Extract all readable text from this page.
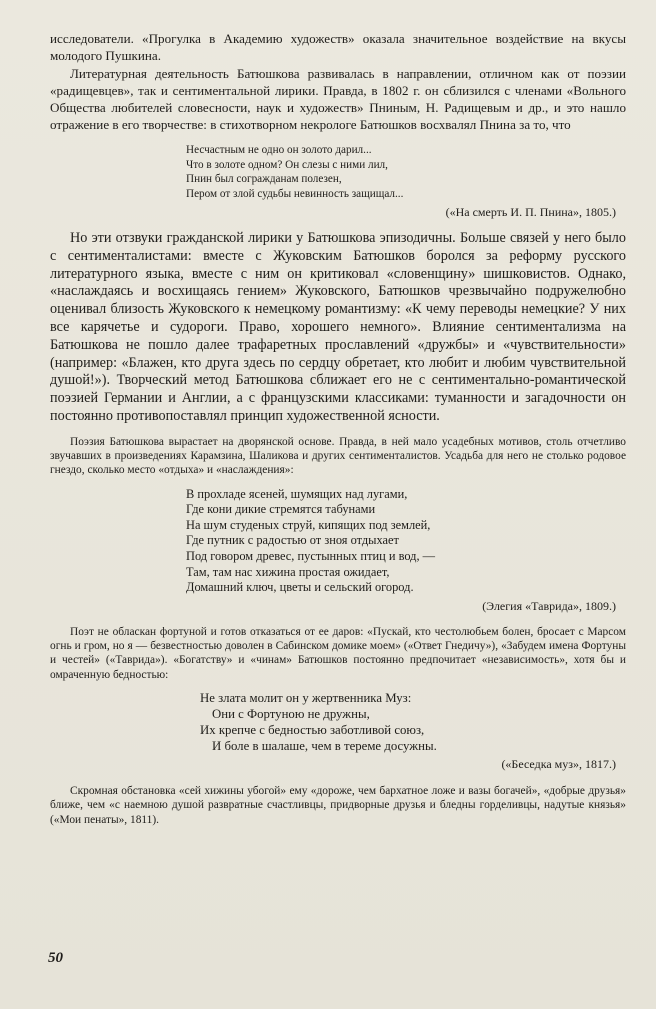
исследователи. «Прогулка в Академию художеств» оказала значительное воздействие на вкусы молодого Пушкина.

Литературная деятельность Батюшкова развивалась в направлении, отличном как от поэзии «радищевцев», так и сентиментальной лирики. Правда, в 1802 г. он сблизился с членами «Вольного Общества любителей словесности, наук и художеств» Пниным, Н. Радищевым и др., и это нашло отражение в его творчестве: в стихотворном некрологе Батюшков восхвалял Пнина за то, что

Несчастным не одно он золото дарил...
Что в золоте одном? Он слезы с ними лил,
Пнин был согражданам полезен,
Пером от злой судьбы невинность защищал...
(«На смерть И. П. Пнина», 1805.)

Но эти отзвуки гражданской лирики у Батюшкова эпизодичны. Больше связей у него было с сентименталистами: вместе с Жуковским Батюшков боролся за реформу русского литературного языка, вместе с ним он критиковал «словенщину» шишковистов. Однако, «наслаждаясь и восхищаясь гением» Жуковского, Батюшков чрезвычайно подружелюбно оценивал близость Жуковского к немецкому романтизму: «К чему переводы немецкие? У них все карячетье и судороги. Право, хорошего немного». Влияние сентиментализма на Батюшкова не пошло далее трафаретных прославлений «дружбы» и «чувствительности» (например: «Блажен, кто друга здесь по сердцу обретает, кто любит и любим чувствительной душой!»). Творческий метод Батюшкова сближает его не с сентиментально-романтической поэзией Германии и Англии, а с французскими классиками: туманности и загадочности он постоянно противопоставлял принцип художественной ясности.

Поэзия Батюшкова вырастает на дворянской основе. Правда, в ней мало усадебных мотивов, столь отчетливо звучавших в произведениях Карамзина, Шаликова и других сентименталистов. Усадьба для него не столько родовое гнездо, сколько место «отдыха» и «наслаждения»:

В прохладе ясеней, шумящих над лугами,
Где кони дикие стремятся табунами
На шум студеных струй, кипящих под землей,
Где путник с радостью от зноя отдыхает
Под говором древес, пустынных птиц и вод, —
Там, там нас хижина простая ожидает,
Домашний ключ, цветы и сельский огород.
(Элегия «Таврида», 1809.)

Поэт не обласкан фортуной и готов отказаться от ее даров: «Пускай, кто честолюбьем болен, бросает с Марсом огнь и гром, но я — безвестностью доволен в Сабинском домике моем» («Ответ Гнедичу»), «Забудем имена Фортуны и честей» («Таврида»). «Богатству» и «чинам» Батюшков постоянно предпочитает «независимость», хотя бы и омраченную бедностью:

Не злата молит он у жертвенника Муз:
Они с Фортуною не дружны,
Их крепче с бедностью заботливой союз,
И боле в шалаше, чем в тереме досужны.
(«Беседка муз», 1817.)

Скромная обстановка «сей хижины убогой» ему «дороже, чем бархатное ложе и вазы богачей», «добрые друзья» ближе, чем «с наемною душой развратные счастливцы, придворные друзья и бледны горделивцы, надутые князья» («Мои пенаты», 1811).

50
